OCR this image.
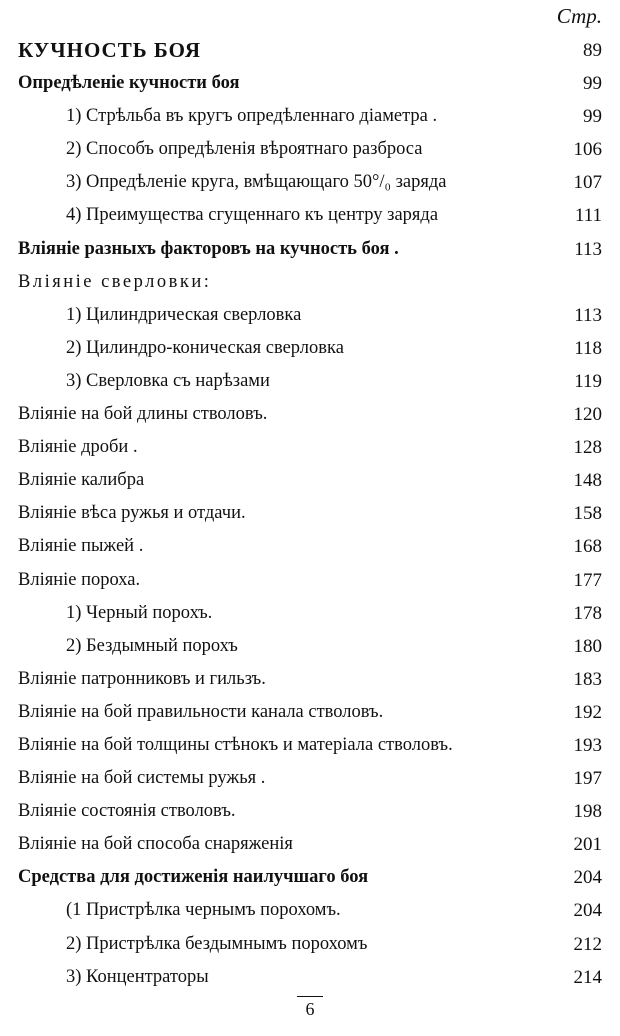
Стр.
КУЧНОСТЬ БОЯ	89
Опредѣленіе кучности боя	99
1) Стрѣльба въ кругъ опредѣленнаго діаметра .	99
2) Способъ опредѣленія вѣроятнаго разброса	106
3) Опредѣленіе круга, вмѣщающаго 50°/₀ заряда	107
4) Преимущества сгущеннаго къ центру заряда	111
Вліяніе разныхъ факторовъ на кучность боя .	113
Вліяніе сверловки:
1) Цилиндрическая сверловка	113
2) Цилиндро-коническая сверловка	118
3) Сверловка съ нарѣзами	119
Вліяніе на бой длины стволовъ.	120
Вліяніе дроби .	128
Вліяніе калибра	148
Вліяніе вѣса ружья и отдачи.	158
Вліяніе пыжей .	168
Вліяніе пороха.	177
1) Черный порохъ.	178
2) Бездымный порохъ	180
Вліяніе патронниковъ и гильзъ.	183
Вліяніе на бой правильности канала стволовъ.	192
Вліяніе на бой толщины стѣнокъ и матеріала стволовъ.	193
Вліяніе на бой системы ружья .	197
Вліяніе состоянія стволовъ.	198
Вліяніе на бой способа снаряженія	201
Средства для достиженія наилучшаго боя	204
(1 Пристрѣлка чернымъ порохомъ.	204
2) Пристрѣлка бездымнымъ порохомъ	212
3) Концентраторы	214
6
